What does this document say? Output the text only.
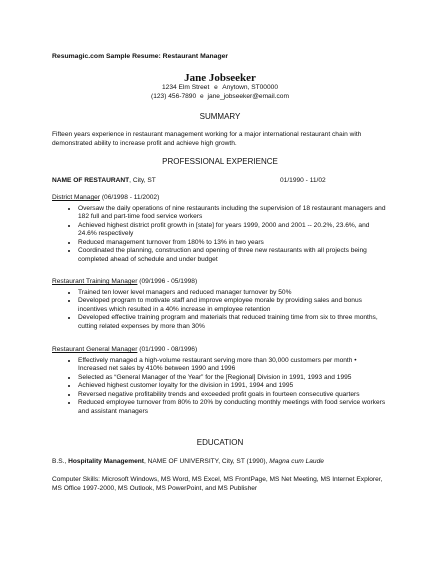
Resumagic.com Sample Resume: Restaurant Manager
Jane Jobseeker
1234 Elm Street e Anytown, ST00000
(123) 456-7890 e jane_jobseeker@email.com
SUMMARY
Fifteen years experience in restaurant management working for a major international restaurant chain with demonstrated ability to increase profit and achieve high growth.
PROFESSIONAL EXPERIENCE
NAME OF RESTAURANT, City, ST	01/1990 - 11/02
District Manager (06/1998 - 11/2002)
• Oversaw the daily operations of nine restaurants including the supervision of 18 restaurant managers and 182 full and part-time food service workers
• Achieved highest district profit growth in [state] for years 1999, 2000 and 2001 -- 20.2%, 23.6%, and 24.6% respectively
• Reduced management turnover from 180% to 13% in two years
• Coordinated the planning, construction and opening of three new restaurants with all projects being completed ahead of schedule and under budget
Restaurant Training Manager (09/1996 - 05/1998)
• Trained ten lower level managers and reduced manager turnover by 50%
• Developed program to motivate staff and improve employee morale by providing sales and bonus incentives which resulted in a 40% increase in employee retention
• Developed effective training program and materials that reduced training time from six to three months, cutting related expenses by more than 30%
Restaurant General Manager (01/1990 - 08/1996)
• Effectively managed a high-volume restaurant serving more than 30,000 customers per month • Increased net sales by 410% between 1990 and 1996
• Selected as “General Manager of the Year” for the [Regional] Division in 1991, 1993 and 1995
• Achieved highest customer loyalty for the division in 1991, 1994 and 1995
• Reversed negative profitability trends and exceeded profit goals in fourteen consecutive quarters
• Reduced employee turnover from 80% to 20% by conducting monthly meetings with food service workers and assistant managers
EDUCATION
B.S., Hospitality Management, NAME OF UNIVERSITY, City, ST (1990), Magna cum Laude
Computer Skills: Microsoft Windows, MS Word, MS Excel, MS FrontPage, MS Net Meeting, MS Internet Explorer, MS Office 1997-2000, MS Outlook, MS PowerPoint, and MS Publisher
